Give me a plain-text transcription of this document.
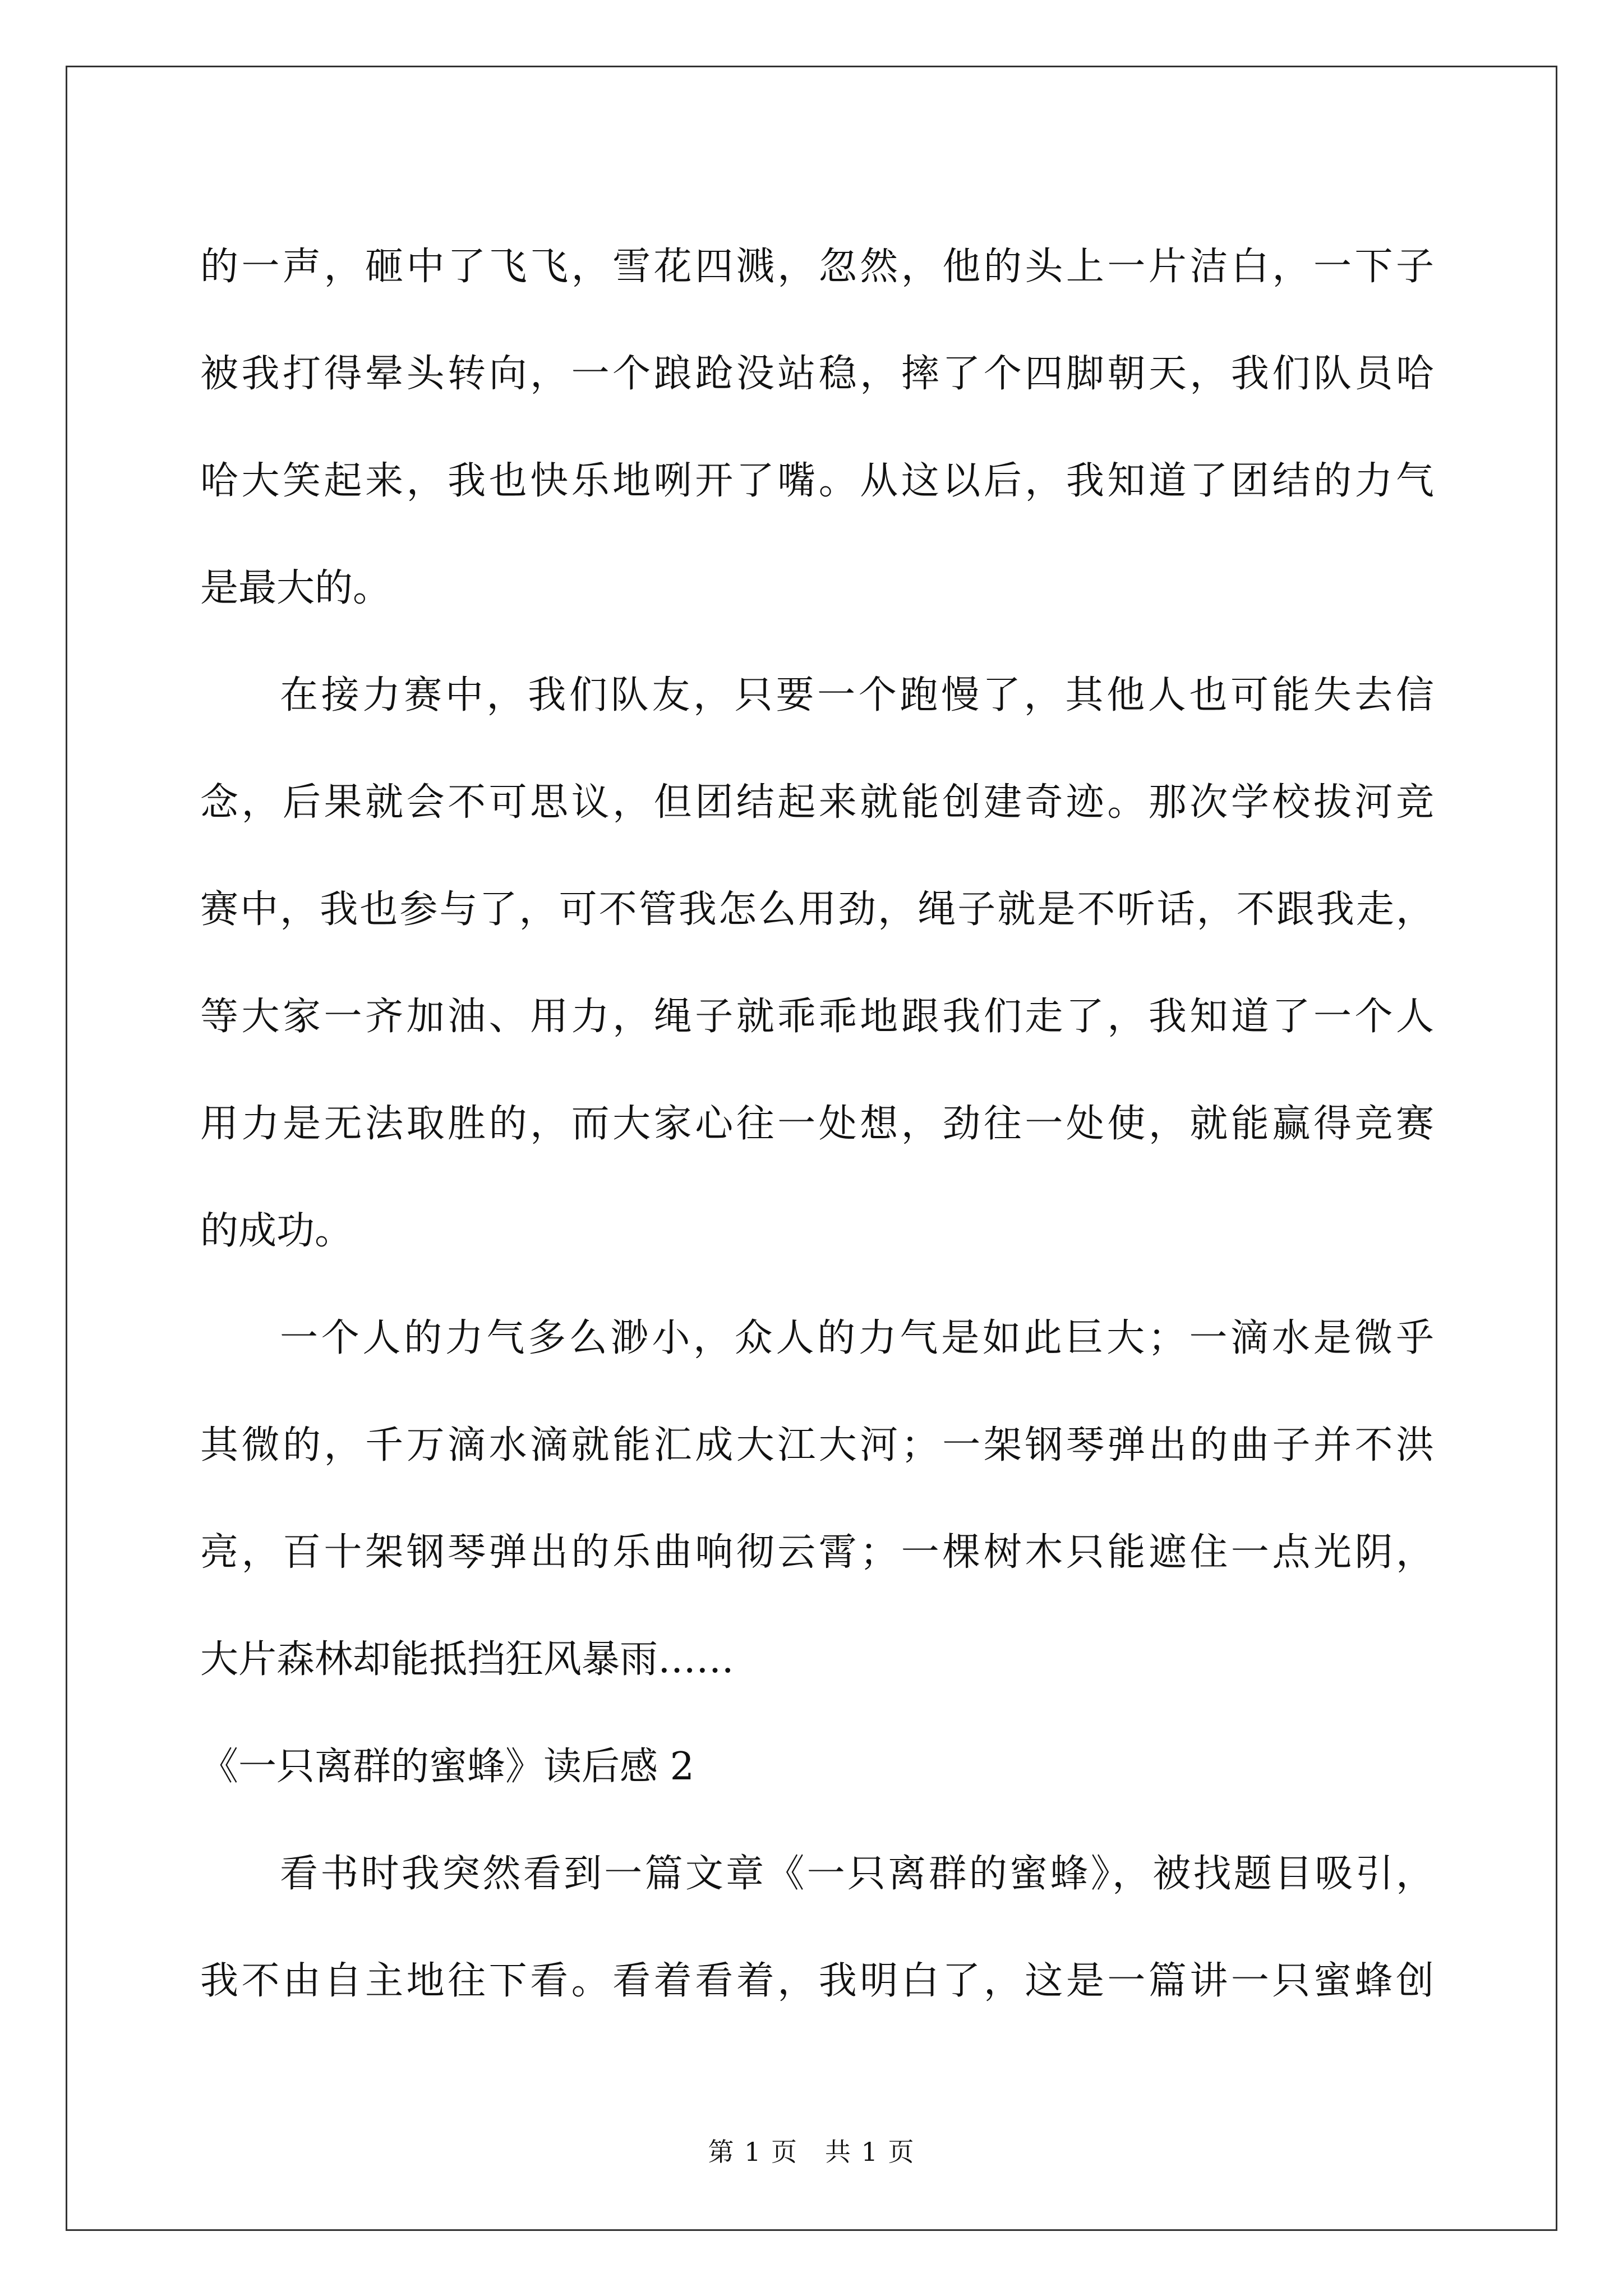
的一声，砸中了飞飞，雪花四溅，忽然，他的头上一片洁白，一下子
被我打得晕头转向，一个踉跄没站稳，摔了个四脚朝天，我们队员哈
哈大笑起来，我也快乐地咧开了嘴。从这以后，我知道了团结的力气
是最大的。
在接力赛中，我们队友，只要一个跑慢了，其他人也可能失去信
念，后果就会不可思议，但团结起来就能创建奇迹。那次学校拔河竞
赛中，我也参与了，可不管我怎么用劲，绳子就是不听话，不跟我走，
等大家一齐加油、用力，绳子就乖乖地跟我们走了，我知道了一个人
用力是无法取胜的，而大家心往一处想，劲往一处使，就能赢得竞赛
的成功。
一个人的力气多么渺小，众人的力气是如此巨大；一滴水是微乎
其微的，千万滴水滴就能汇成大江大河；一架钢琴弹出的曲子并不洪
亮，百十架钢琴弹出的乐曲响彻云霄；一棵树木只能遮住一点光阴，
大片森林却能抵挡狂风暴雨……
《一只离群的蜜蜂》读后感 2
看书时我突然看到一篇文章《一只离群的蜜蜂》，被找题目吸引，
我不由自主地往下看。看着看着，我明白了，这是一篇讲一只蜜蜂创
第 1 页　共 1 页
